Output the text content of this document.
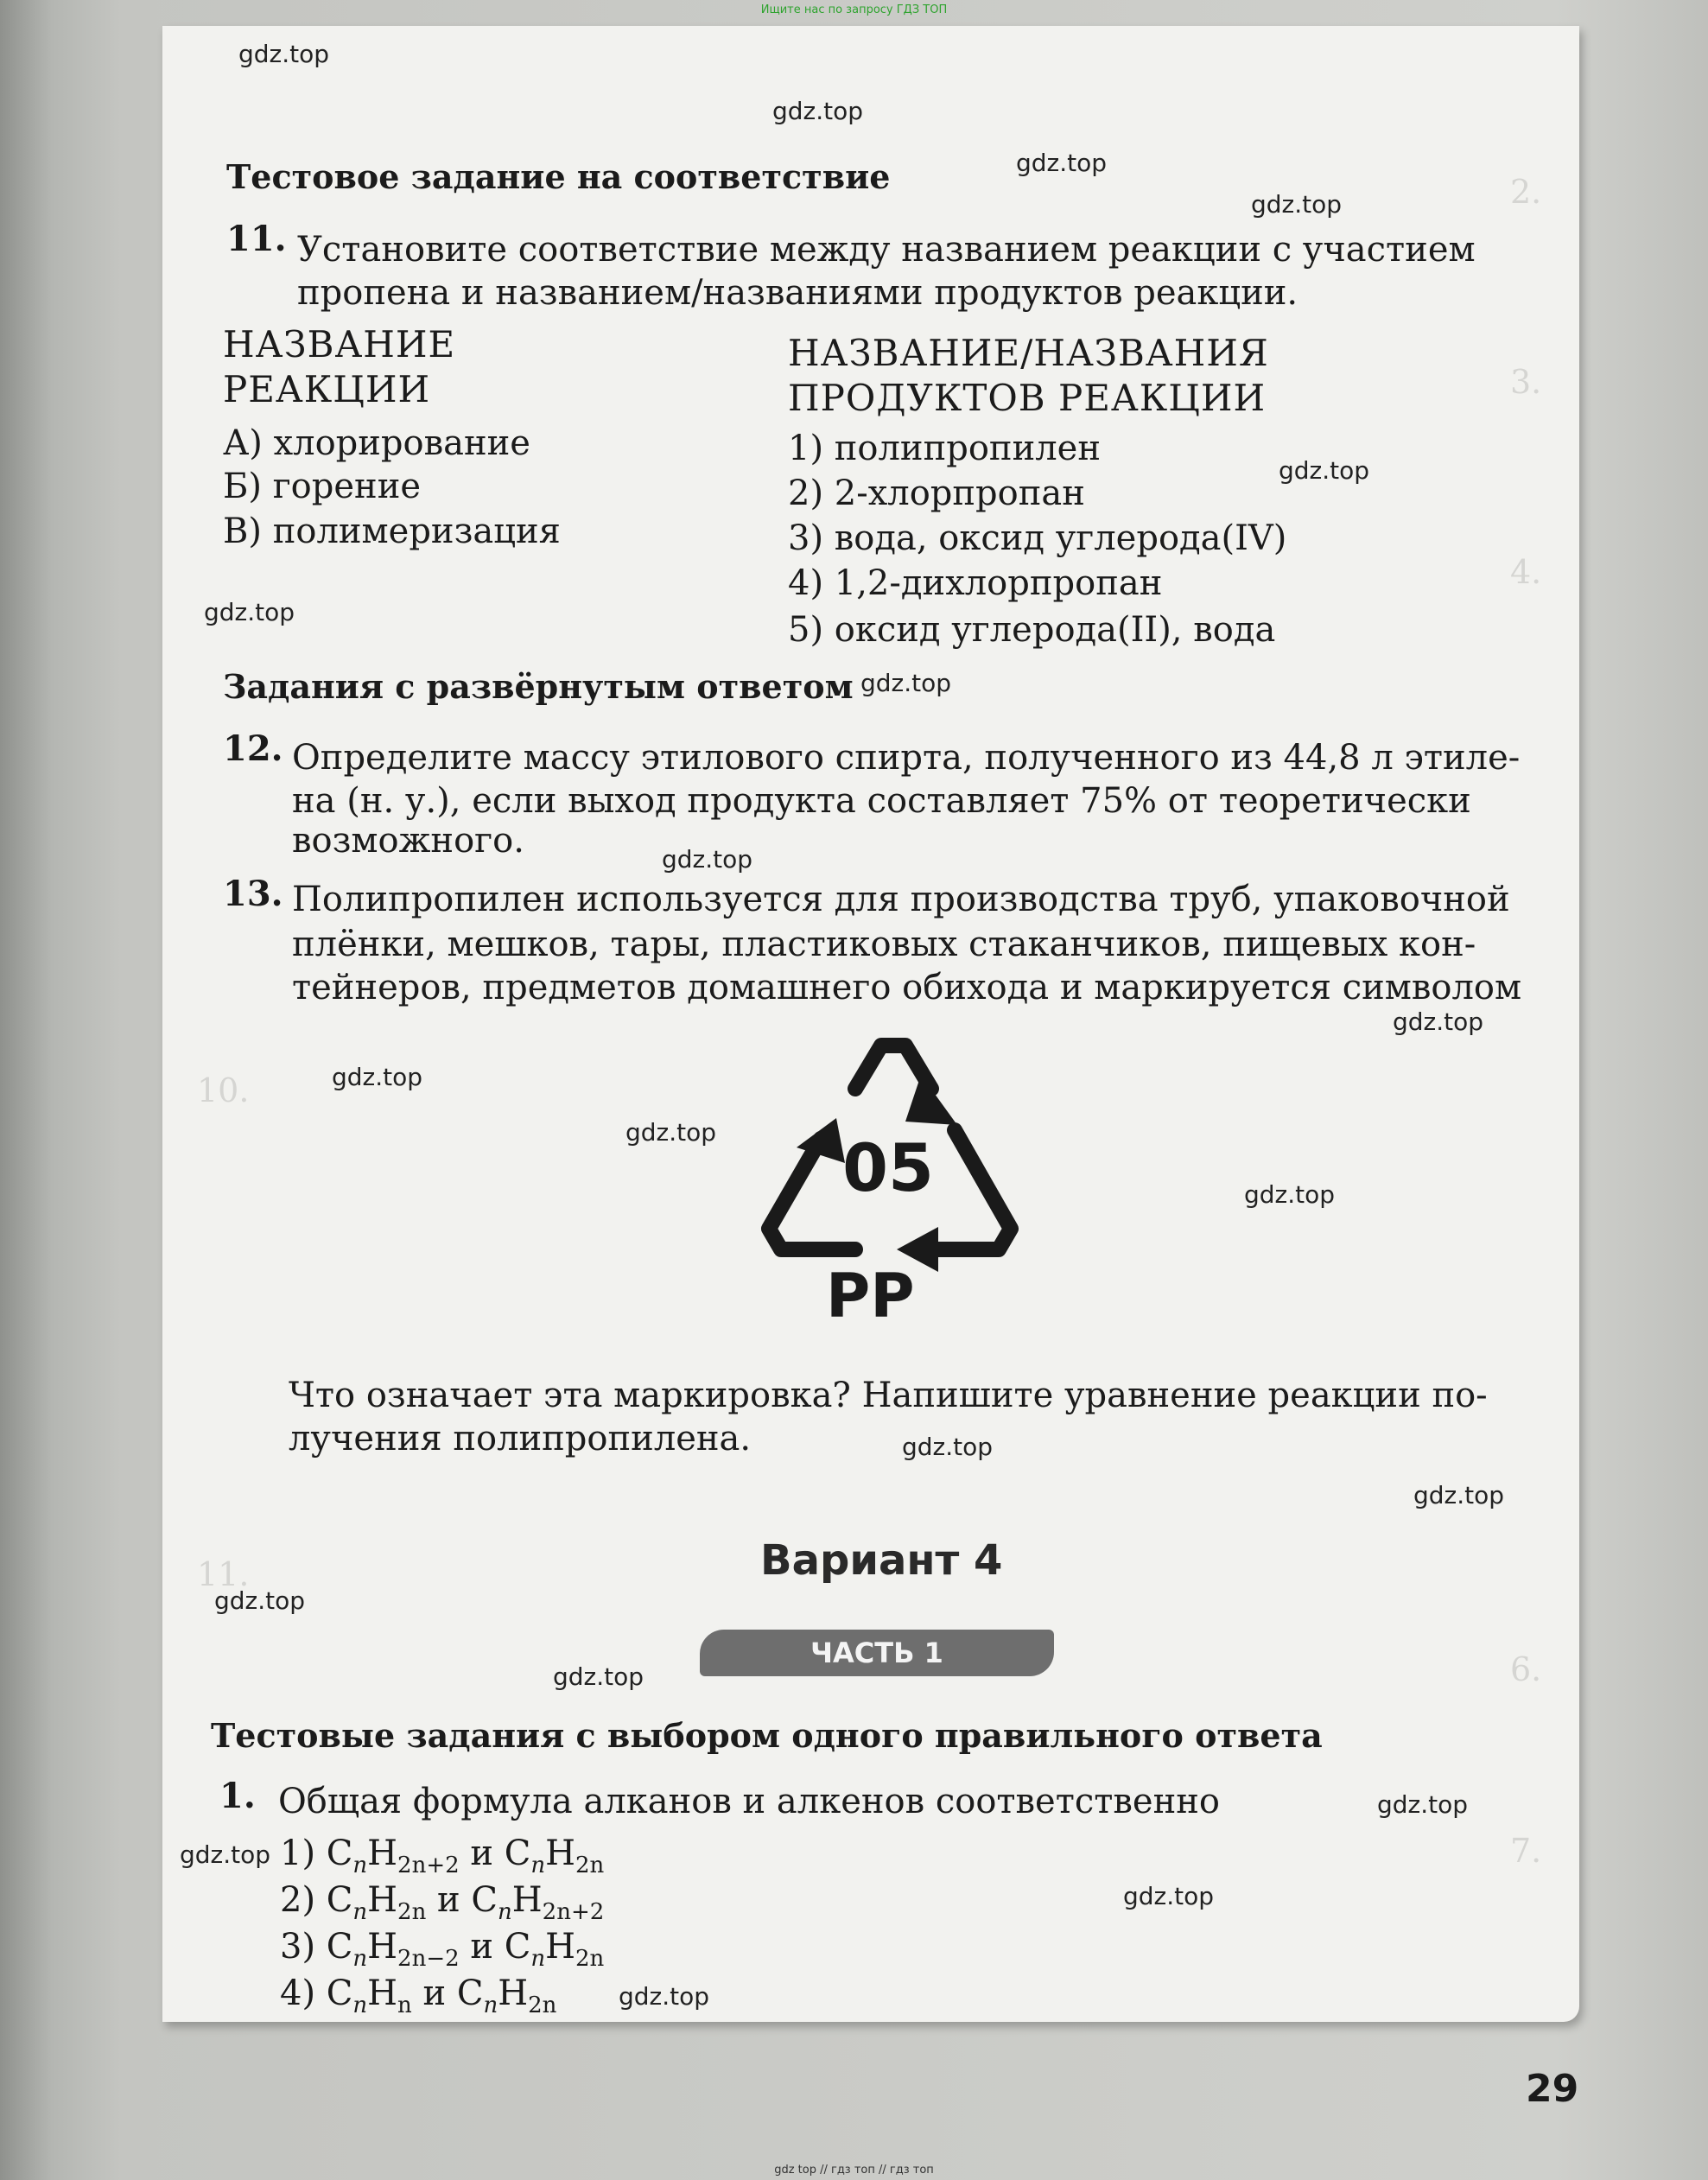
Ищите нас по запросу ГДЗ ТОП
2.
3.
4.
10.
11.
6.
7.
gdz.top
gdz.top
gdz.top
gdz.top
gdz.top
gdz.top
gdz.top
gdz.top
gdz.top
gdz.top
gdz.top
gdz.top
gdz.top
gdz.top
gdz.top
gdz.top
gdz.top
gdz.top
gdz.top
gdz.top
Тестовое задание на соответствие
11. Установите соответствие между названием реакции с участием
пропена и названием/названиями продуктов реакции.
НАЗВАНИЕ
РЕАКЦИИ
А) хлорирование
Б) горение
В) полимеризация
НАЗВАНИЕ/НАЗВАНИЯ
ПРОДУКТОВ РЕАКЦИИ
1) полипропилен
2) 2-хлорпропан
3) вода, оксид углерода(IV)
4) 1,2-дихлорпропан
5) оксид углерода(II), вода
Задания с развёрнутым ответом
12. Определите массу этилового спирта, полученного из 44,8 л этиле-
на (н. у.), если выход продукта составляет 75% от теоретически
возможного.
13. Полипропилен используется для производства труб, упаковочной
плёнки, мешков, тары, пластиковых стаканчиков, пищевых кон-
тейнеров, предметов домашнего обихода и маркируется символом
05
PP
Что означает эта маркировка? Напишите уравнение реакции по-
лучения полипропилена.
Вариант 4
ЧАСТЬ 1
Тестовые задания с выбором одного правильного ответа
1. Общая формула алканов и алкенов соответственно
1) $C_nH_{2n+2}$ и $C_nH_{2n}$
2) $C_nH_{2n}$ и $C_nH_{2n+2}$
3) $C_nH_{2n-2}$ и $C_nH_{2n}$
4) $C_nH_n$ и $C_nH_{2n}$
29
gdz top // гдз топ // гдз топ
